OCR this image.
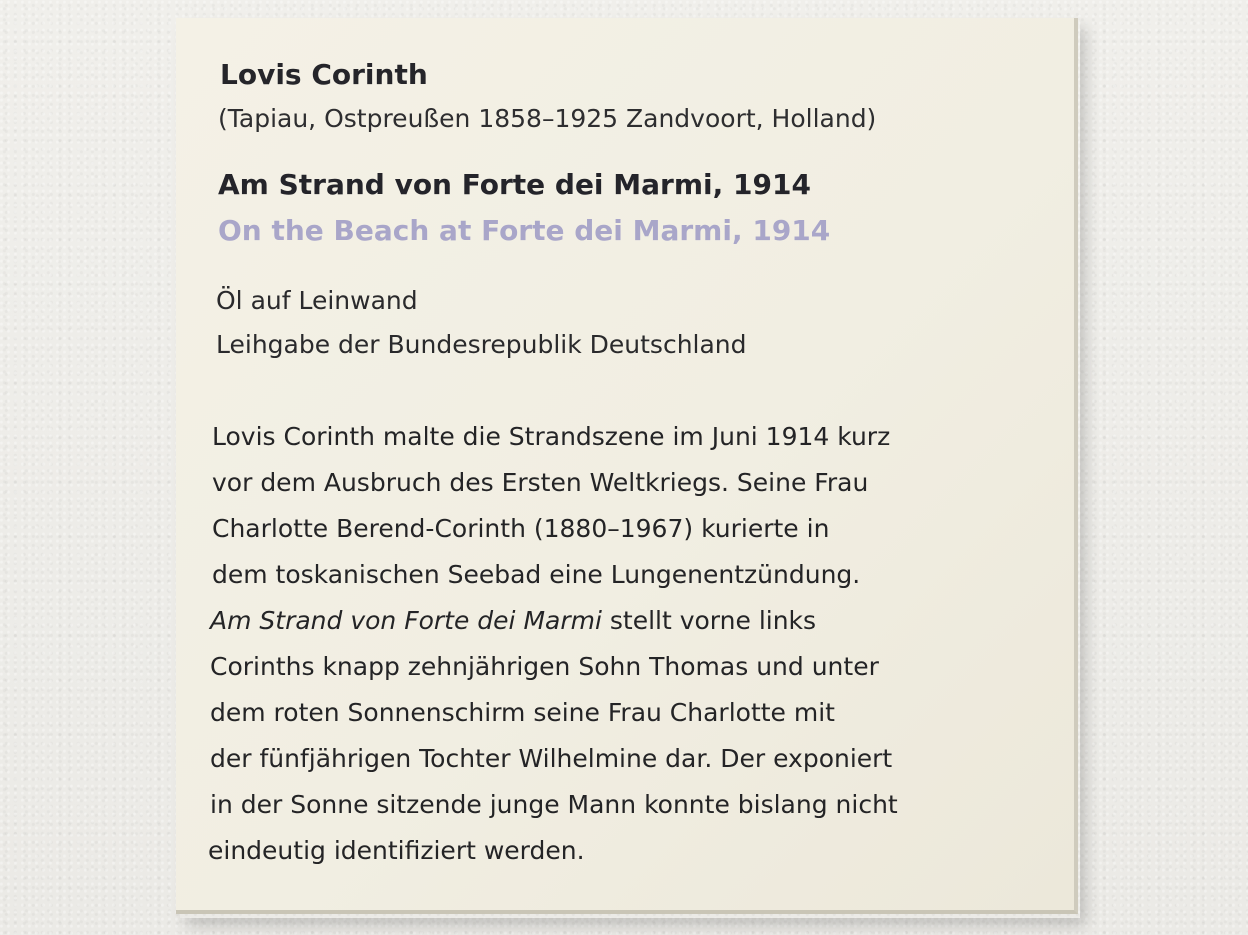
Lovis Corinth
(Tapiau, Ostpreußen 1858–1925 Zandvoort, Holland)
Am Strand von Forte dei Marmi, 1914
On the Beach at Forte dei Marmi, 1914
Öl auf Leinwand
Leihgabe der Bundesrepublik Deutschland
Lovis Corinth malte die Strandszene im Juni 1914 kurz
vor dem Ausbruch des Ersten Weltkriegs. Seine Frau
Charlotte Berend-Corinth (1880–1967) kurierte in
dem toskanischen Seebad eine Lungenentzündung.
Am Strand von Forte dei Marmi stellt vorne links
Corinths knapp zehnjährigen Sohn Thomas und unter
dem roten Sonnenschirm seine Frau Charlotte mit
der fünfjährigen Tochter Wilhelmine dar. Der exponiert
in der Sonne sitzende junge Mann konnte bislang nicht
eindeutig identifiziert werden.
